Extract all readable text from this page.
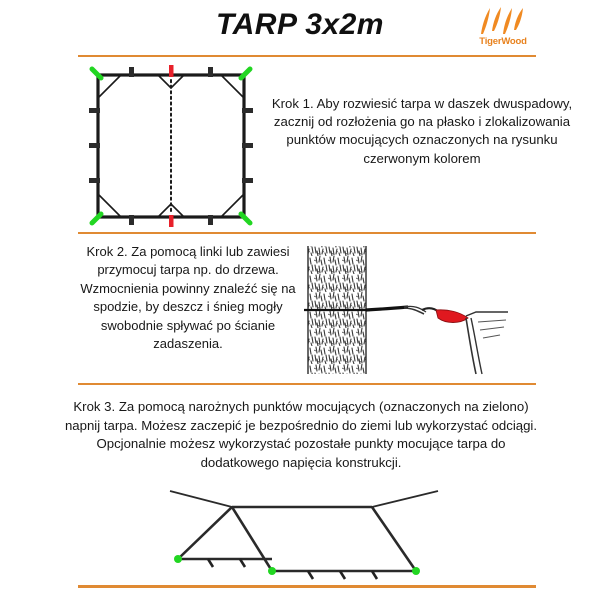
TARP 3x2m
TigerWood
Krok 1. Aby rozwiesić tarpa w daszek dwuspadowy, zacznij od rozłożenia go na płasko i zlokalizowania punktów mocujących oznaczonych na rysunku czerwonym kolorem
Krok 2. Za pomocą linki lub zawiesi przymocuj tarpa np. do drzewa. Wzmocnienia powinny znaleźć się na spodzie, by deszcz i śnieg mogły swobodnie spływać po ścianie zadaszenia.
Krok 3. Za pomocą narożnych punktów mocujących (oznaczonych na zielono) napnij tarpa. Możesz zaczepić je bezpośrednio do ziemi lub wykorzystać odciągi. Opcjonalnie możesz wykorzystać pozostałe punkty mocujące tarpa do dodatkowego napięcia konstrukcji.
